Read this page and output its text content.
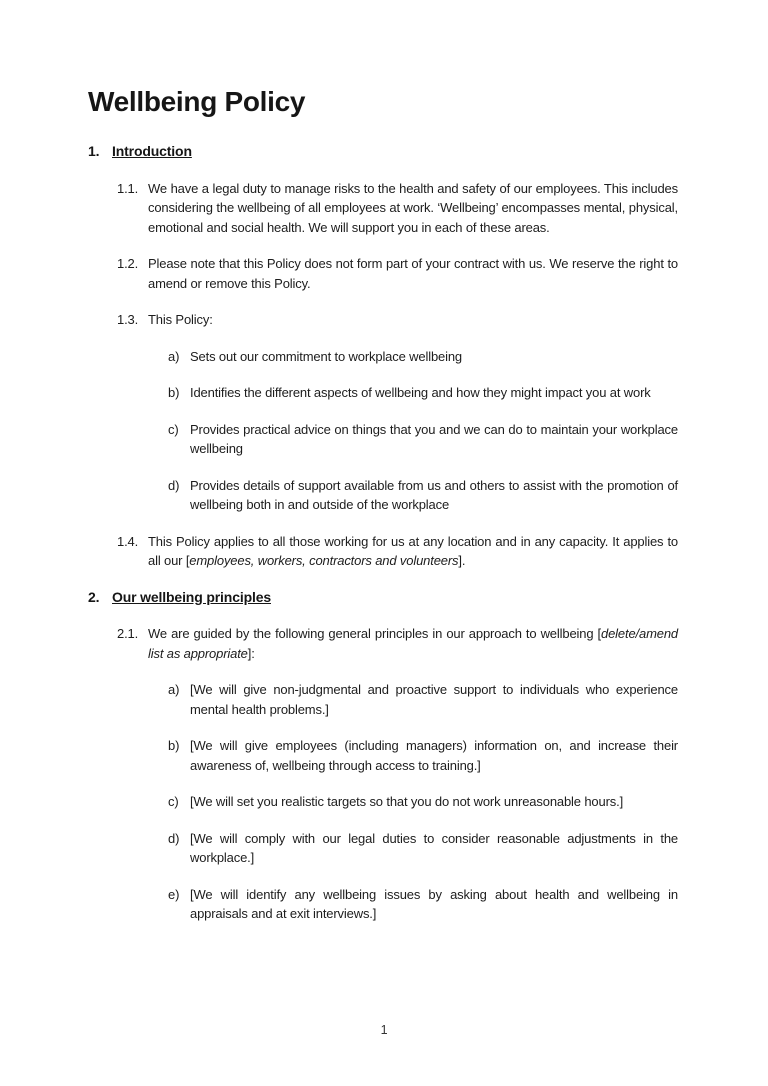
Wellbeing Policy
1. Introduction
1.1. We have a legal duty to manage risks to the health and safety of our employees. This includes considering the wellbeing of all employees at work. ‘Wellbeing’ encompasses mental, physical, emotional and social health. We will support you in each of these areas.
1.2. Please note that this Policy does not form part of your contract with us. We reserve the right to amend or remove this Policy.
1.3. This Policy:
a) Sets out our commitment to workplace wellbeing
b) Identifies the different aspects of wellbeing and how they might impact you at work
c) Provides practical advice on things that you and we can do to maintain your workplace wellbeing
d) Provides details of support available from us and others to assist with the promotion of wellbeing both in and outside of the workplace
1.4. This Policy applies to all those working for us at any location and in any capacity. It applies to all our [employees, workers, contractors and volunteers].
2. Our wellbeing principles
2.1. We are guided by the following general principles in our approach to wellbeing [delete/amend list as appropriate]:
a) [We will give non-judgmental and proactive support to individuals who experience mental health problems.]
b) [We will give employees (including managers) information on, and increase their awareness of, wellbeing through access to training.]
c) [We will set you realistic targets so that you do not work unreasonable hours.]
d) [We will comply with our legal duties to consider reasonable adjustments in the workplace.]
e) [We will identify any wellbeing issues by asking about health and wellbeing in appraisals and at exit interviews.]
1
